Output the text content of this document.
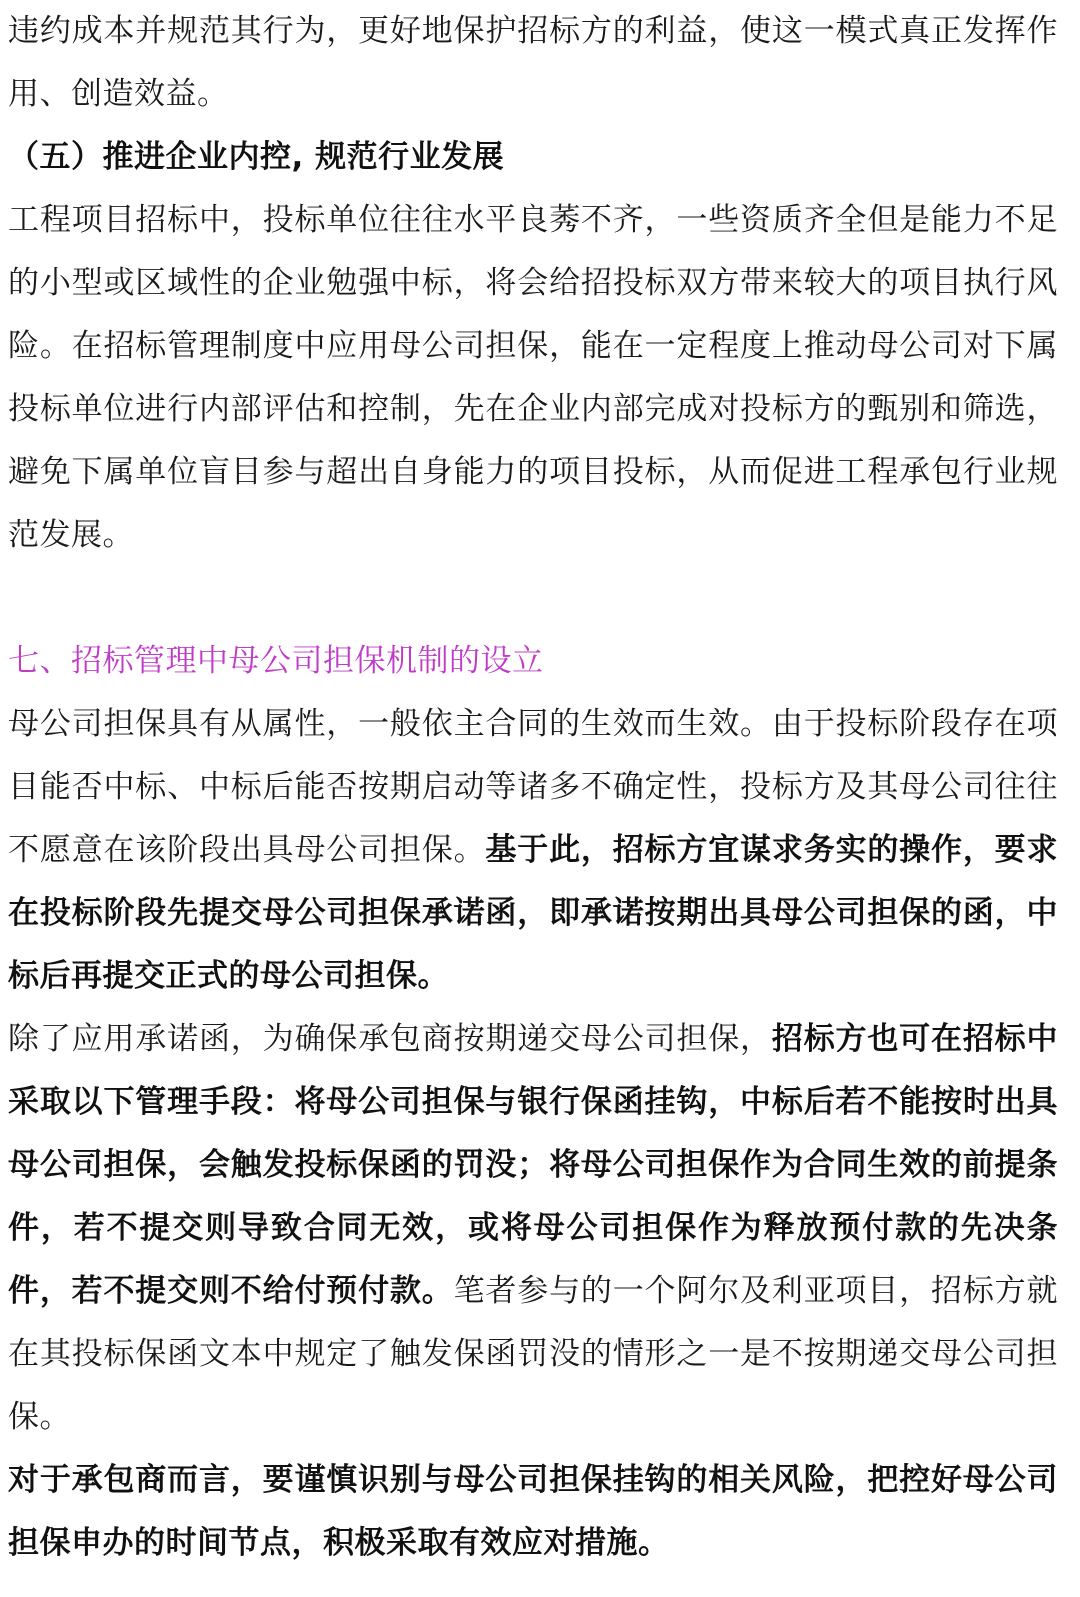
违约成本并规范其行为，更好地保护招标方的利益，使这一模式真正发挥作用、创造效益。

（五）推进企业内控, 规范行业发展

工程项目招标中，投标单位往往水平良莠不齐，一些资质齐全但是能力不足的小型或区域性的企业勉强中标，将会给招投标双方带来较大的项目执行风险。在招标管理制度中应用母公司担保，能在一定程度上推动母公司对下属投标单位进行内部评估和控制，先在企业内部完成对投标方的甄别和筛选，避免下属单位盲目参与超出自身能力的项目投标，从而促进工程承包行业规范发展。

七、招标管理中母公司担保机制的设立

母公司担保具有从属性，一般依主合同的生效而生效。由于投标阶段存在项目能否中标、中标后能否按期启动等诸多不确定性，投标方及其母公司往往不愿意在该阶段出具母公司担保。基于此，招标方宜谋求务实的操作，要求在投标阶段先提交母公司担保承诺函，即承诺按期出具母公司担保的函，中标后再提交正式的母公司担保。

除了应用承诺函，为确保承包商按期递交母公司担保，招标方也可在招标中采取以下管理手段：将母公司担保与银行保函挂钩，中标后若不能按时出具母公司担保，会触发投标保函的罚没；将母公司担保作为合同生效的前提条件，若不提交则导致合同无效，或将母公司担保作为释放预付款的先决条件，若不提交则不给付预付款。笔者参与的一个阿尔及利亚项目，招标方就在其投标保函文本中规定了触发保函罚没的情形之一是不按期递交母公司担保。

对于承包商而言，要谨慎识别与母公司担保挂钩的相关风险，把控好母公司担保申办的时间节点，积极采取有效应对措施。
